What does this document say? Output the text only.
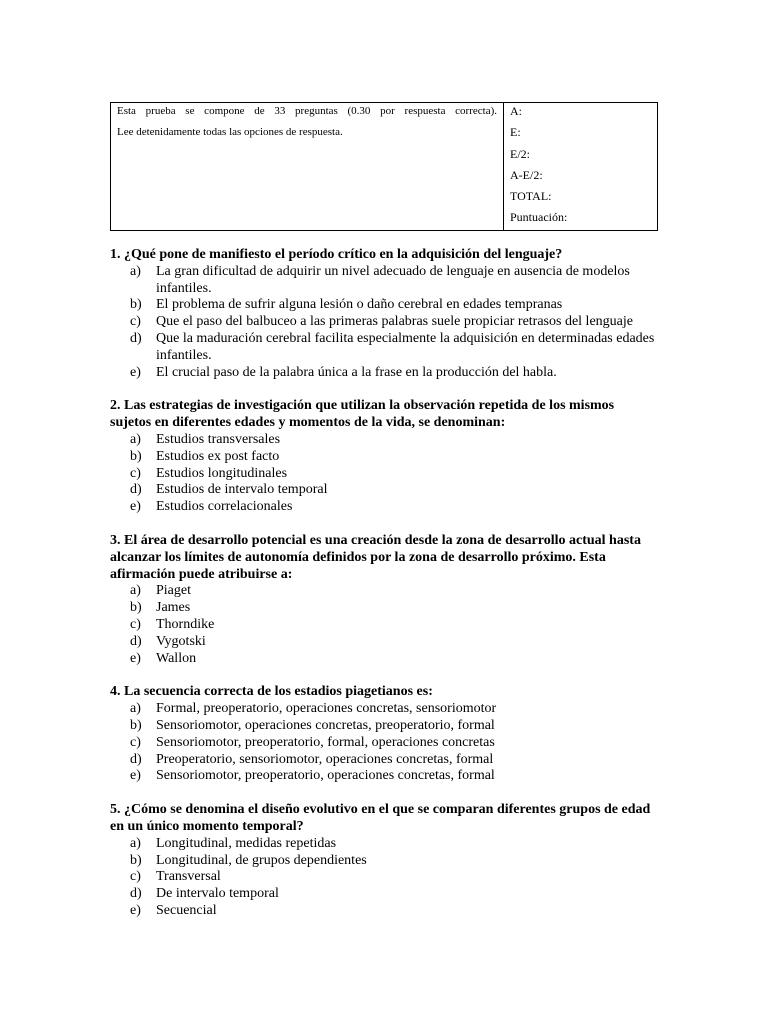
Esta prueba se compone de 33 preguntas (0.30 por respuesta correcta).
Lee detenidamente todas las opciones de respuesta.
A:
E:
E/2:
A-E/2:
TOTAL:
Puntuación:

1. ¿Qué pone de manifiesto el período crítico en la adquisición del lenguaje?

a)	La gran dificultad de adquirir un nivel adecuado de lenguaje en ausencia de modelos infantiles.
b)	El problema de sufrir alguna lesión o daño cerebral en edades tempranas
c)	Que el paso del balbuceo a las primeras palabras suele propiciar retrasos del lenguaje
d)	Que la maduración cerebral facilita especialmente la adquisición en determinadas edades infantiles.
e)	El crucial paso de la palabra única a la frase en la producción del habla.

2. Las estrategias de investigación que utilizan la observación repetida de los mismos sujetos en diferentes edades y momentos de la vida, se denominan:

a)	Estudios transversales
b)	Estudios ex post facto
c)	Estudios longitudinales
d)	Estudios de intervalo temporal
e)	Estudios correlacionales

3. El área de desarrollo potencial es una creación desde la zona de desarrollo actual hasta alcanzar los límites de autonomía definidos por la zona de desarrollo próximo. Esta afirmación puede atribuirse a:

a)	Piaget
b)	James
c)	Thorndike
d)	Vygotski
e)	Wallon

4. La secuencia correcta de los estadios piagetianos es:

a)	Formal, preoperatorio, operaciones concretas, sensoriomotor
b)	Sensoriomotor, operaciones concretas, preoperatorio, formal
c)	Sensoriomotor, preoperatorio, formal, operaciones concretas
d)	Preoperatorio, sensoriomotor, operaciones concretas, formal
e)	Sensoriomotor, preoperatorio, operaciones concretas, formal

5. ¿Cómo se denomina el diseño evolutivo en el que se comparan diferentes grupos de edad en un único momento temporal?

a)	Longitudinal, medidas repetidas
b)	Longitudinal, de grupos dependientes
c)	Transversal
d)	De intervalo temporal
e)	Secuencial
